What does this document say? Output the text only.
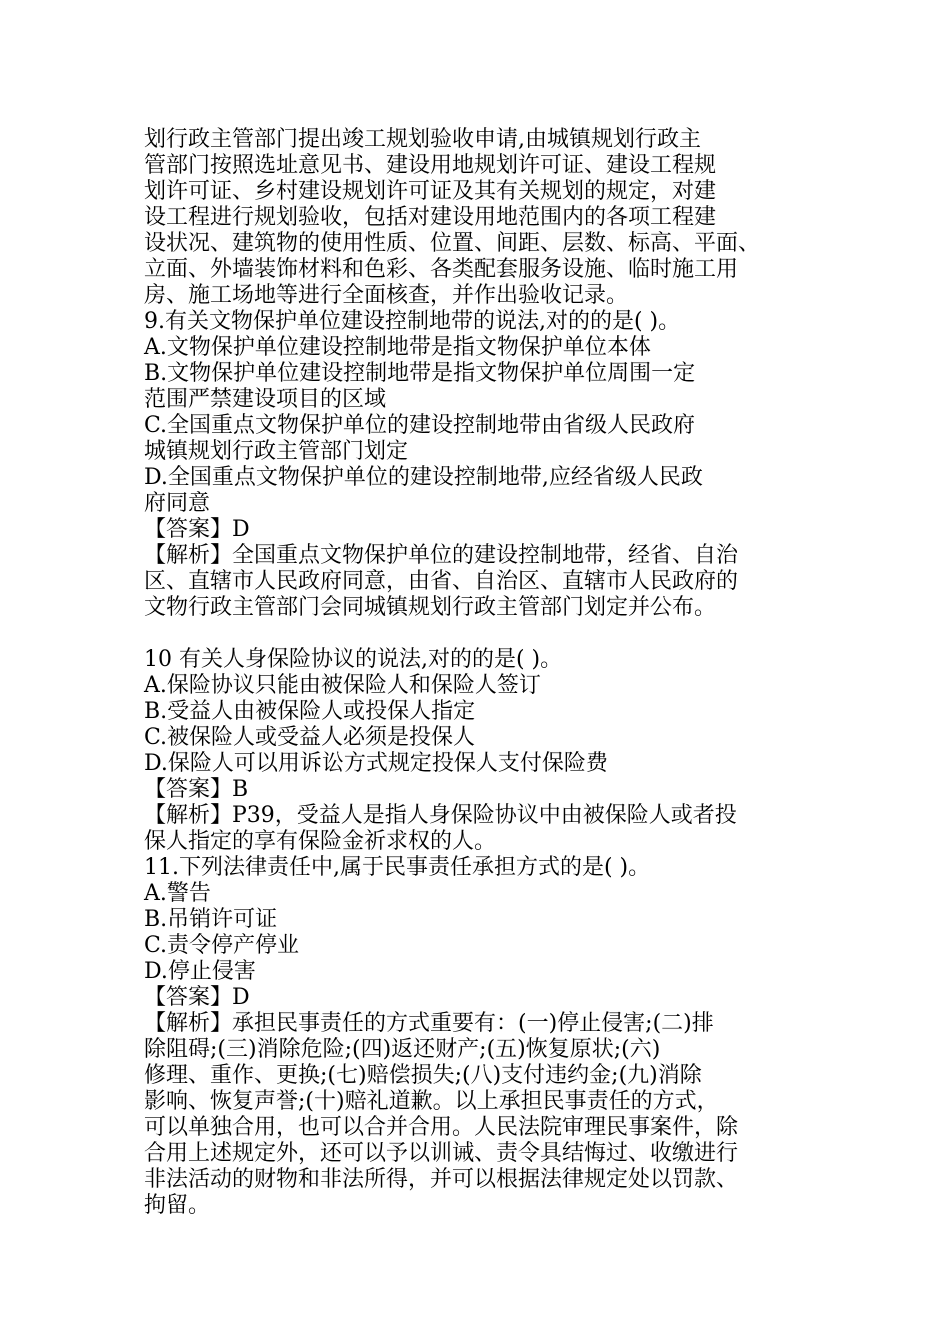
划行政主管部门提出竣工规划验收申请,由城镇规划行政主
管部门按照选址意见书、建设用地规划许可证、建设工程规
划许可证、乡村建设规划许可证及其有关规划的规定，对建
设工程进行规划验收，包括对建设用地范围内的各项工程建
设状况、建筑物的使用性质、位置、间距、层数、标高、平面、
立面、外墙装饰材料和色彩、各类配套服务设施、临时施工用
房、施工场地等进行全面核查，并作出验收记录。
9.有关文物保护单位建设控制地带的说法,对的的是( )。
A.文物保护单位建设控制地带是指文物保护单位本体
B.文物保护单位建设控制地带是指文物保护单位周围一定
范围严禁建设项目的区域
C.全国重点文物保护单位的建设控制地带由省级人民政府
城镇规划行政主管部门划定
D.全国重点文物保护单位的建设控制地带,应经省级人民政
府同意
【答案】D
【解析】全国重点文物保护单位的建设控制地带，经省、自治
区、直辖市人民政府同意，由省、自治区、直辖市人民政府的
文物行政主管部门会同城镇规划行政主管部门划定并公布。
10 有关人身保险协议的说法,对的的是( )。
A.保险协议只能由被保险人和保险人签订
B.受益人由被保险人或投保人指定
C.被保险人或受益人必须是投保人
D.保险人可以用诉讼方式规定投保人支付保险费
【答案】B
【解析】P39，受益人是指人身保险协议中由被保险人或者投
保人指定的享有保险金祈求权的人。
11.下列法律责任中,属于民事责任承担方式的是( )。
A.警告
B.吊销许可证
C.责令停产停业
D.停止侵害
【答案】D
【解析】承担民事责任的方式重要有：(一)停止侵害;(二)排
除阻碍;(三)消除危险;(四)返还财产;(五)恢复原状;(六)
修理、重作、更换;(七)赔偿损失;(八)支付违约金;(九)消除
影响、恢复声誉;(十)赔礼道歉。以上承担民事责任的方式，
可以单独合用，也可以合并合用。人民法院审理民事案件，除
合用上述规定外，还可以予以训诫、责令具结悔过、收缴进行
非法活动的财物和非法所得，并可以根据法律规定处以罚款、
拘留。
